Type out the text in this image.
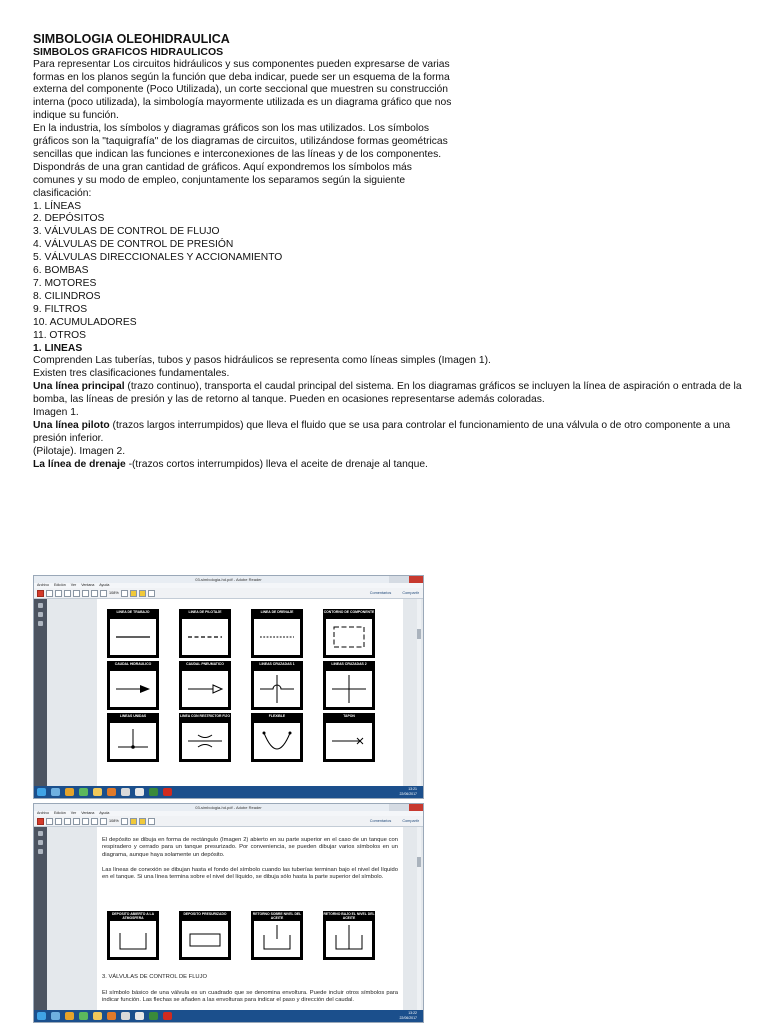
SIMBOLOGIA OLEOHIDRAULICA
SIMBOLOS GRAFICOS HIDRAULICOS
Para representar Los circuitos hidráulicos y sus componentes pueden expresarse de varias
formas en los planos según la función que deba indicar, puede ser un esquema de la forma
externa del componente (Poco Utilizada), un corte seccional que muestren su construcción
interna (poco utilizada), la simbología mayormente utilizada es un diagrama gráfico que nos
indique su función.
En la industria, los símbolos y diagramas gráficos son los mas utilizados. Los símbolos
gráficos son la "taquigrafía" de los diagramas de circuitos, utilizándose formas geométricas
sencillas que indican las funciones e interconexiones de las líneas y de los componentes.
Dispondrás de una gran cantidad de gráficos. Aquí expondremos los símbolos más
comunes y su modo de empleo, conjuntamente los separamos según la siguiente
clasificación:
1. LÍNEAS
2. DEPÓSITOS
3. VÁLVULAS DE CONTROL DE FLUJO
4. VÁLVULAS DE CONTROL DE PRESIÓN
5. VÁLVULAS DIRECCIONALES Y ACCIONAMIENTO
6. BOMBAS
7. MOTORES
8. CILINDROS
9. FILTROS
10. ACUMULADORES
11. OTROS
1. LINEAS
Comprenden Las tuberías, tubos y pasos hidráulicos se representa como líneas simples (Imagen 1).
Existen tres clasificaciones fundamentales.
Una línea principal (trazo continuo), transporta el caudal principal del sistema. En los diagramas gráficos se incluyen la línea de aspiración o entrada de la bomba, las líneas de presión y las de retorno al tanque. Pueden en ocasiones representarse además coloradas.
Imagen 1.
Una línea piloto (trazos largos interrumpidos) que lleva el fluido que se usa para controlar el funcionamiento de una válvula o de otro componente a una presión inferior.
(Pilotaje). Imagen 2.
La línea de drenaje -(trazos cortos interrumpidos) lleva el aceite de drenaje al tanque.
03-simbologia-hd.pdf - Adobe Reader
Archivo Edición Ver Ventana Ayuda
108%	Comentarios	Compartir
LINEA DE TRABAJO	LINEA DE PILOTAJE	LINEA DE DRENAJE	CONTORNO DE COMPONENTE
CAUDAL HIDRAULICO	CAUDAL PNEUMATICO	LINEAS CRUZADAS 1	LINEAS CRUZADAS 2
LINEAS UNIDAS	LINEA CON RESTRICTOR FIJO	FLEXIBLE	TAPON
13:21
22/06/2017
03-simbologia-hd.pdf - Adobe Reader
Archivo Edición Ver Ventana Ayuda
108%	Comentarios	Compartir
El depósito se dibuja en forma de rectángulo (Imagen 2) abierto en su parte superior en el caso de un tanque con respiradero y cerrado para un tanque presurizado. Por conveniencia, se pueden dibujar varios símbolos en un diagrama, aunque haya solamente un depósito.
Las líneas de conexión se dibujan hasta el fondo del símbolo cuando las tuberías terminan bajo el nivel del líquido en el tanque. Si una línea termina sobre el nivel del líquido, se dibuja sólo hasta la parte superior del símbolo.
DEPOSITO ABIERTO A LA ATMOSFERA
DEPOSITO PRESURIZADO	RETORNO SOBRE NIVEL DEL ACEITE
RETORNO BAJO EL NIVEL DEL ACEITE
3. VÁLVULAS DE CONTROL DE FLUJO
El símbolo básico de una válvula es un cuadrado que se denomina envoltura. Puede incluir otros símbolos para indicar función. Las flechas se añaden a las envolturas para indicar el paso y dirección del caudal.
13:22
22/06/2017
